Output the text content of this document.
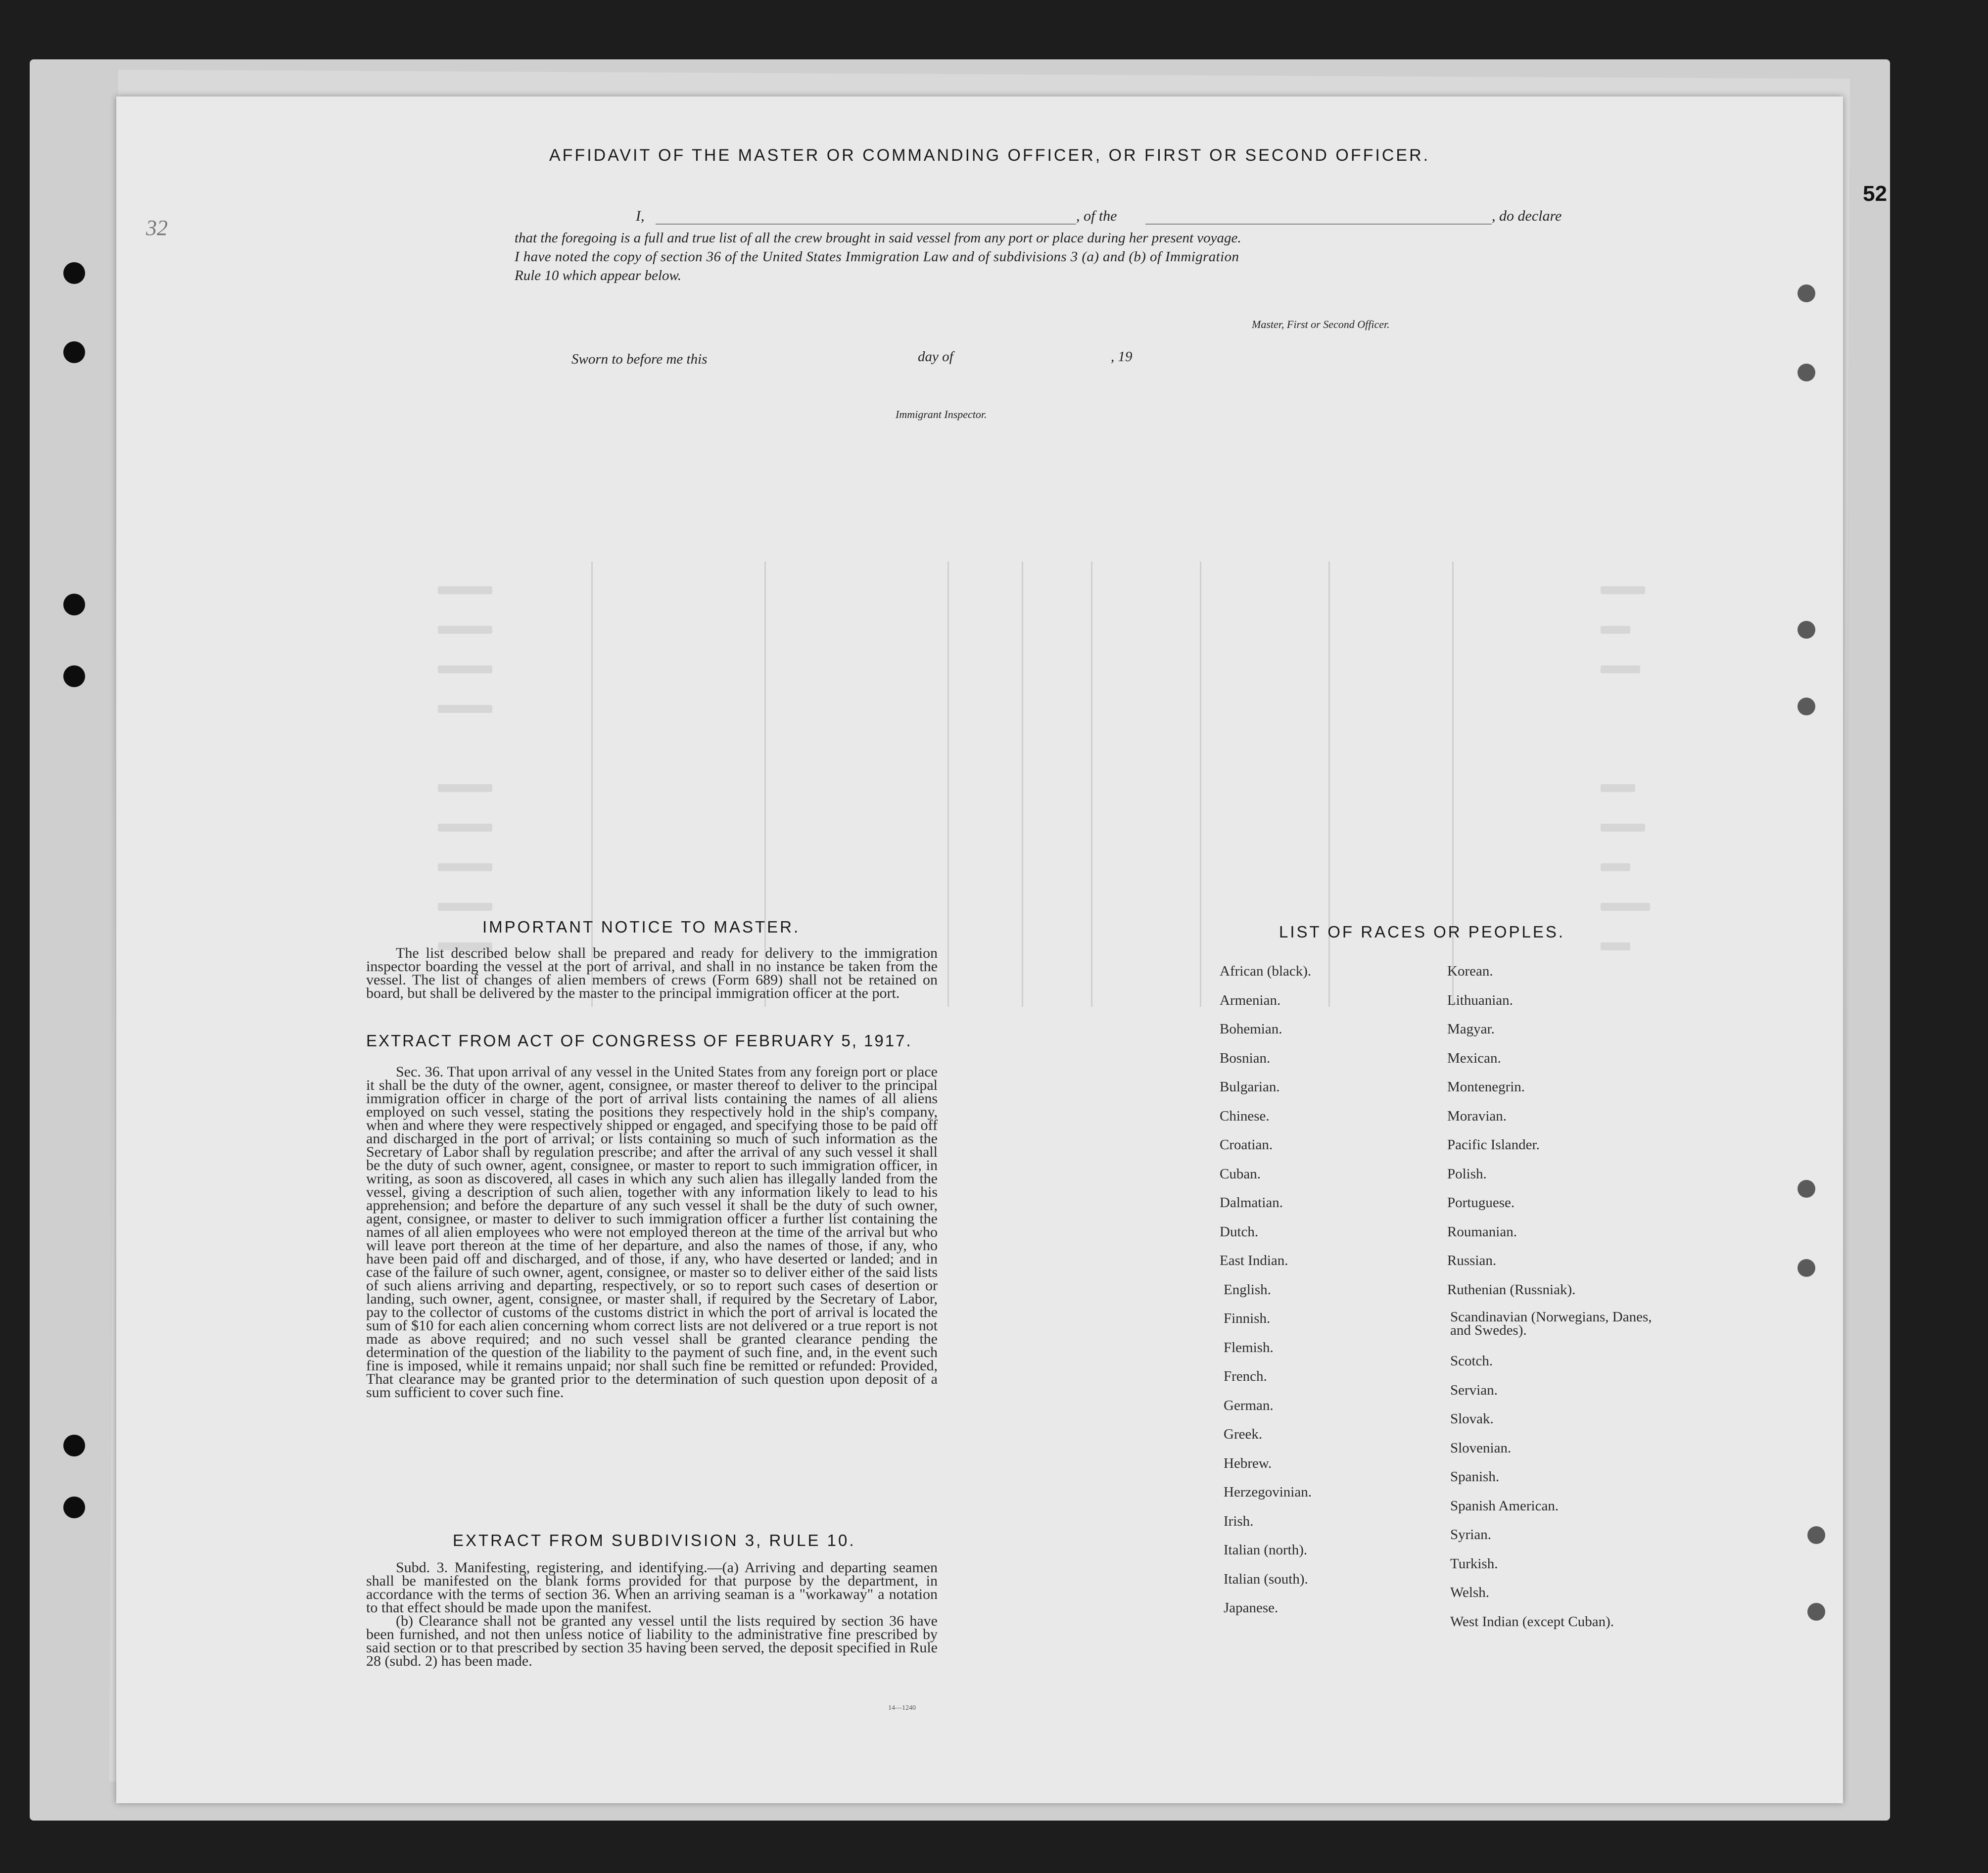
52
32
AFFIDAVIT OF THE MASTER OR COMMANDING OFFICER, OR FIRST OR SECOND OFFICER.
I,	, of the	, do declare
that the foregoing is a full and true list of all the crew brought in said vessel from any port or place during her present voyage.
I have noted the copy of section 36 of the United States Immigration Law and of subdivisions 3 (a) and (b) of Immigration
Rule 10 which appear below.
Master, First or Second Officer.
Sworn to before me this	day of	, 19
Immigrant Inspector.
IMPORTANT NOTICE TO MASTER.

The list described below shall be prepared and ready for delivery to the immigration inspector boarding the vessel at the port of arrival, and shall in no instance be taken from the vessel. The list of changes of alien members of crews (Form 689) shall not be retained on board, but shall be delivered by the master to the principal immigration officer at the port.

EXTRACT FROM ACT OF CONGRESS OF FEBRUARY 5, 1917.

Sec. 36. That upon arrival of any vessel in the United States from any foreign port or place it shall be the duty of the owner, agent, consignee, or master thereof to deliver to the principal immigration officer in charge of the port of arrival lists containing the names of all aliens employed on such vessel, stating the positions they respectively hold in the ship's company, when and where they were respectively shipped or engaged, and specifying those to be paid off and discharged in the port of arrival; or lists containing so much of such information as the Secretary of Labor shall by regulation prescribe; and after the arrival of any such vessel it shall be the duty of such owner, agent, consignee, or master to report to such immigration officer, in writing, as soon as discovered, all cases in which any such alien has illegally landed from the vessel, giving a description of such alien, together with any information likely to lead to his apprehension; and before the departure of any such vessel it shall be the duty of such owner, agent, consignee, or master to deliver to such immigration officer a further list containing the names of all alien employees who were not employed thereon at the time of the arrival but who will leave port thereon at the time of her departure, and also the names of those, if any, who have been paid off and discharged, and of those, if any, who have deserted or landed; and in case of the failure of such owner, agent, consignee, or master so to deliver either of the said lists of such aliens arriving and departing, respectively, or so to report such cases of desertion or landing, such owner, agent, consignee, or master shall, if required by the Secretary of Labor, pay to the collector of customs of the customs district in which the port of arrival is located the sum of $10 for each alien concerning whom correct lists are not delivered or a true report is not made as above required; and no such vessel shall be granted clearance pending the determination of the question of the liability to the payment of such fine, and, in the event such fine is imposed, while it remains unpaid; nor shall such fine be remitted or refunded: Provided, That clearance may be granted prior to the determination of such question upon deposit of a sum sufficient to cover such fine.

EXTRACT FROM SUBDIVISION 3, RULE 10.

Subd. 3. Manifesting, registering, and identifying.—(a) Arriving and departing seamen shall be manifested on the blank forms provided for that purpose by the department, in accordance with the terms of section 36. When an arriving seaman is a "workaway" a notation to that effect should be made upon the manifest.

(b) Clearance shall not be granted any vessel until the lists required by section 36 have been furnished, and not then unless notice of liability to the administrative fine prescribed by said section or to that prescribed by section 35 having been served, the deposit specified in Rule 28 (subd. 2) has been made.

14—1240
LIST OF RACES OR PEOPLES.
African (black).
Armenian.
Bohemian.
Bosnian.
Bulgarian.
Chinese.
Croatian.
Cuban.
Dalmatian.
Dutch.
East Indian.
English.
Finnish.
Flemish.
French.
German.
Greek.
Hebrew.
Herzegovinian.
Irish.
Italian (north).
Italian (south).
Japanese.
Korean.
Lithuanian.
Magyar.
Mexican.
Montenegrin.
Moravian.
Pacific Islander.
Polish.
Portuguese.
Roumanian.
Russian.
Ruthenian (Russniak).
Scandinavian (Norwegians, Danes, and Swedes).
Scotch.
Servian.
Slovak.
Slovenian.
Spanish.
Spanish American.
Syrian.
Turkish.
Welsh.
West Indian (except Cuban).
